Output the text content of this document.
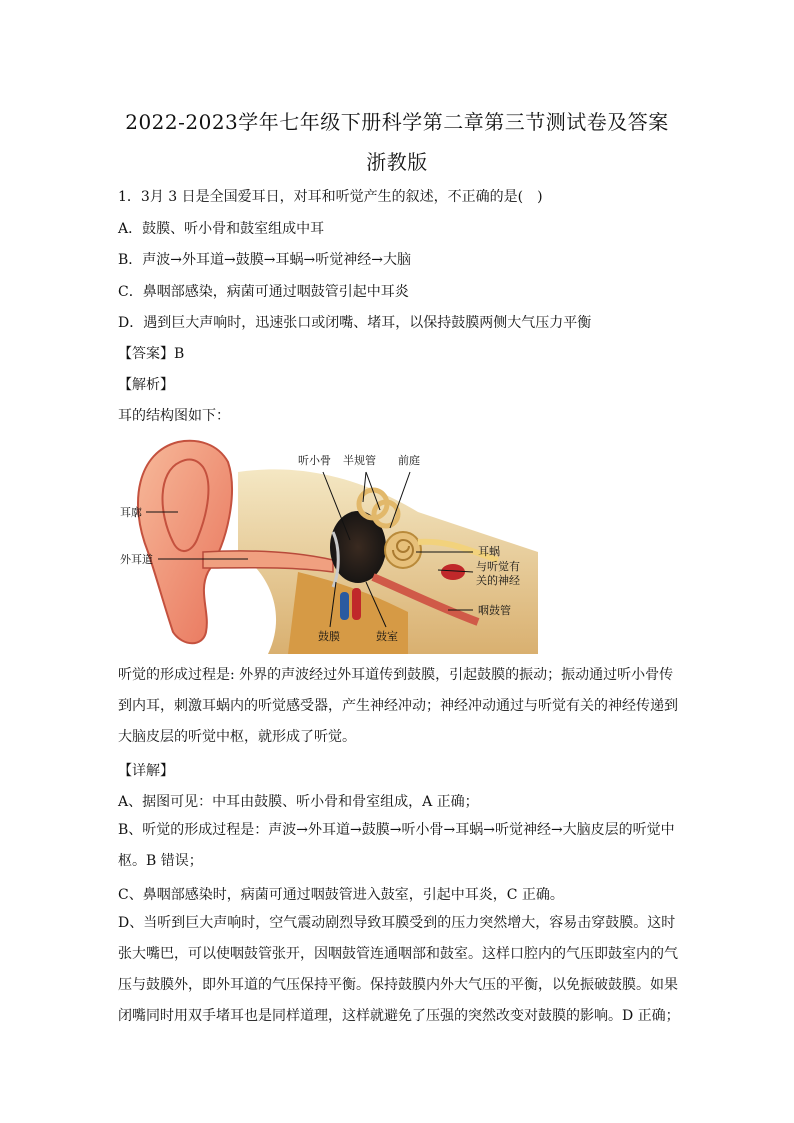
2022-2023学年七年级下册科学第二章第三节测试卷及答案
浙教版
1．3月 3 日是全国爱耳日，对耳和听觉产生的叙述，不正确的是(　)
A．鼓膜、听小骨和鼓室组成中耳
B．声波→外耳道→鼓膜→耳蜗→听觉神经→大脑
C．鼻咽部感染，病菌可通过咽鼓管引起中耳炎
D．遇到巨大声响时，迅速张口或闭嘴、堵耳，以保持鼓膜两侧大气压力平衡
【答案】B
【解析】
耳的结构图如下：
听小骨 半规管 前庭
耳廓
外耳道
耳蜗
与听觉有
关的神经
咽鼓管
鼓膜	鼓室
听觉的形成过程是: 外界的声波经过外耳道传到鼓膜，引起鼓膜的振动；振动通过听小骨传到内耳，刺激耳蜗内的听觉感受器，产生神经冲动；神经冲动通过与听觉有关的神经传递到大脑皮层的听觉中枢，就形成了听觉。
【详解】
A、据图可见：中耳由鼓膜、听小骨和骨室组成，A 正确；
B、听觉的形成过程是：声波→外耳道→鼓膜→听小骨→耳蜗→听觉神经→大脑皮层的听觉中枢。B 错误；
C、鼻咽部感染时，病菌可通过咽鼓管进入鼓室，引起中耳炎，C 正确。
D、当听到巨大声响时，空气震动剧烈导致耳膜受到的压力突然增大，容易击穿鼓膜。这时张大嘴巴，可以使咽鼓管张开，因咽鼓管连通咽部和鼓室。这样口腔内的气压即鼓室内的气压与鼓膜外，即外耳道的气压保持平衡。保持鼓膜内外大气压的平衡，以免振破鼓膜。如果闭嘴同时用双手堵耳也是同样道理，这样就避免了压强的突然改变对鼓膜的影响。D 正确；
